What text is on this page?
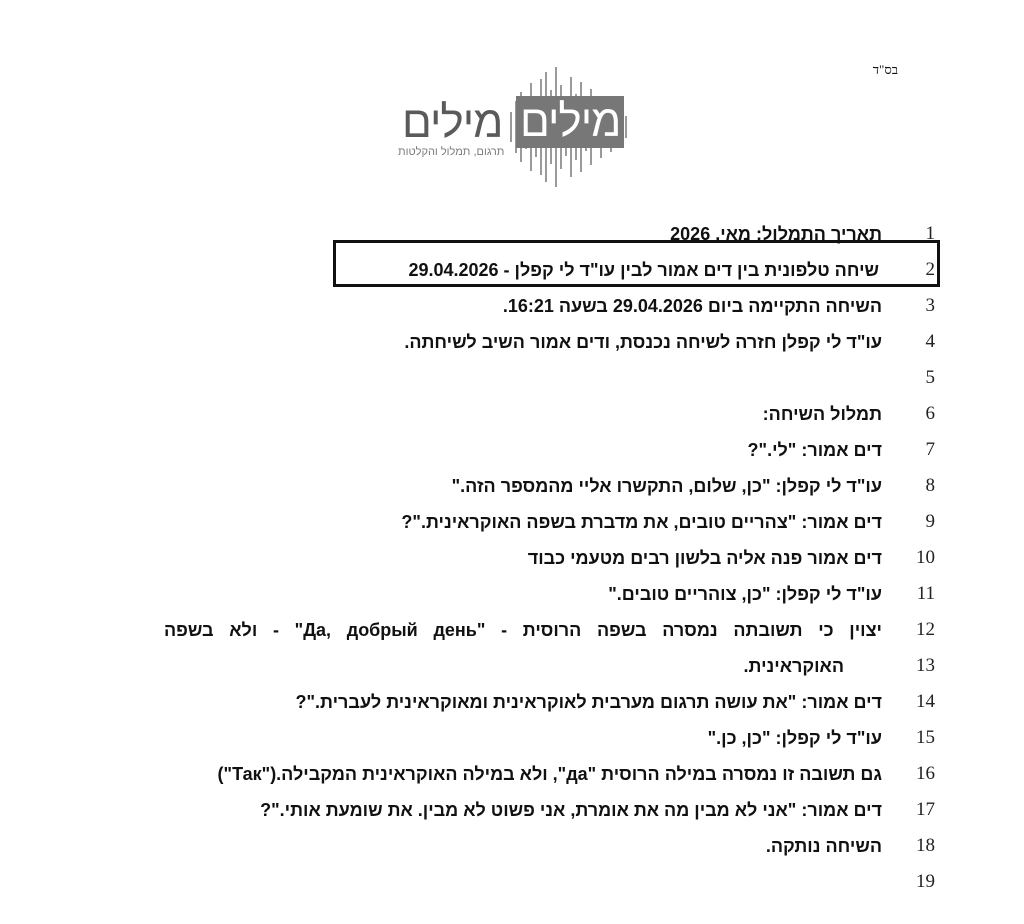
בס"ד
מילים
מילים
תרגום, תמלול והקלטות
1
תאריך התמלול: מאי, 2026
2
שיחה טלפונית בין דים אמור לבין עו"ד לי קפלן - 29.04.2026
3
השיחה התקיימה ביום 29.04.2026 בשעה 16:21.
4
עו"ד לי קפלן חזרה לשיחה נכנסת, ודים אמור השיב לשיחתה.
5
6
תמלול השיחה:
7
דים אמור: "לי."?
8
עו"ד לי קפלן: "כן, שלום, התקשרו אליי מהמספר הזה."
9
דים אמור: "צהריים טובים, את מדברת בשפה האוקראינית."?
10
דים אמור פנה אליה בלשון רבים מטעמי כבוד
11
עו"ד לי קפלן: "כן, צוהריים טובים."
12
יצוין כי תשובתה נמסרה בשפה הרוסית - "Да, добрый день" - ולא בשפה
13
האוקראינית.
14
דים אמור: "את עושה תרגום מערבית לאוקראינית ומאוקראינית לעברית."?
15
עו"ד לי קפלן: "כן, כן."
16
גם תשובה זו נמסרה במילה הרוסית "да", ולא במילה האוקראינית המקבילה.("Так")
17
דים אמור: "אני לא מבין מה את אומרת, אני פשוט לא מבין. את שומעת אותי."?
18
השיחה נותקה.
19
